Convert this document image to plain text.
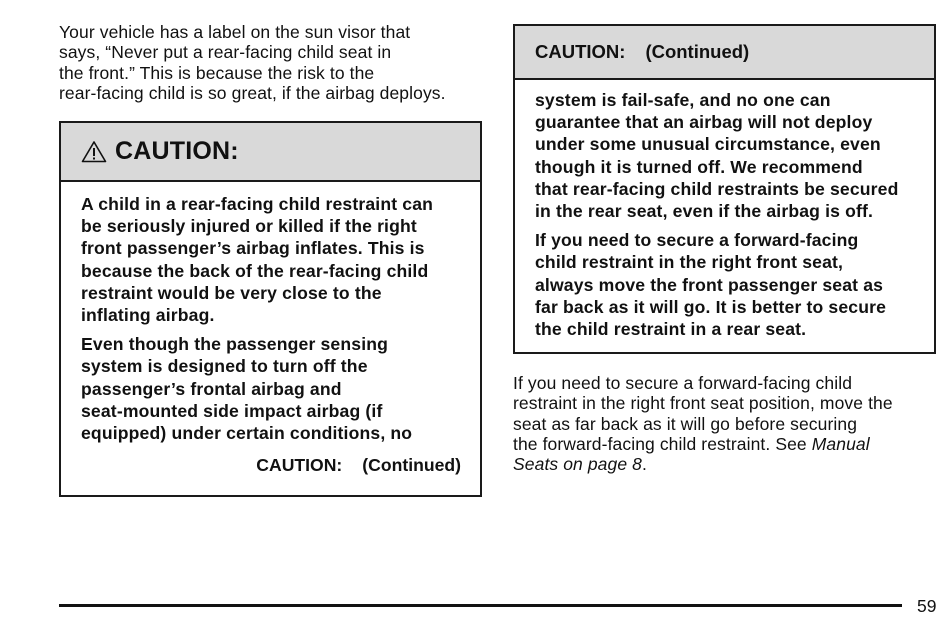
Your vehicle has a label on the sun visor that
says, “Never put a rear-facing child seat in
the front.” This is because the risk to the
rear-facing child is so great, if the airbag deploys.
CAUTION:
A child in a rear-facing child restraint can
be seriously injured or killed if the right
front passenger’s airbag inflates. This is
because the back of the rear-facing child
restraint would be very close to the
inflating airbag.
Even though the passenger sensing
system is designed to turn off the
passenger’s frontal airbag and
seat-mounted side impact airbag (if
equipped) under certain conditions, no
CAUTION: (Continued)
CAUTION: (Continued)
system is fail-safe, and no one can
guarantee that an airbag will not deploy
under some unusual circumstance, even
though it is turned off. We recommend
that rear-facing child restraints be secured
in the rear seat, even if the airbag is off.
If you need to secure a forward-facing
child restraint in the right front seat,
always move the front passenger seat as
far back as it will go. It is better to secure
the child restraint in a rear seat.
If you need to secure a forward-facing child
restraint in the right front seat position, move the
seat as far back as it will go before securing
the forward-facing child restraint. See Manual
Seats on page 8.
59
